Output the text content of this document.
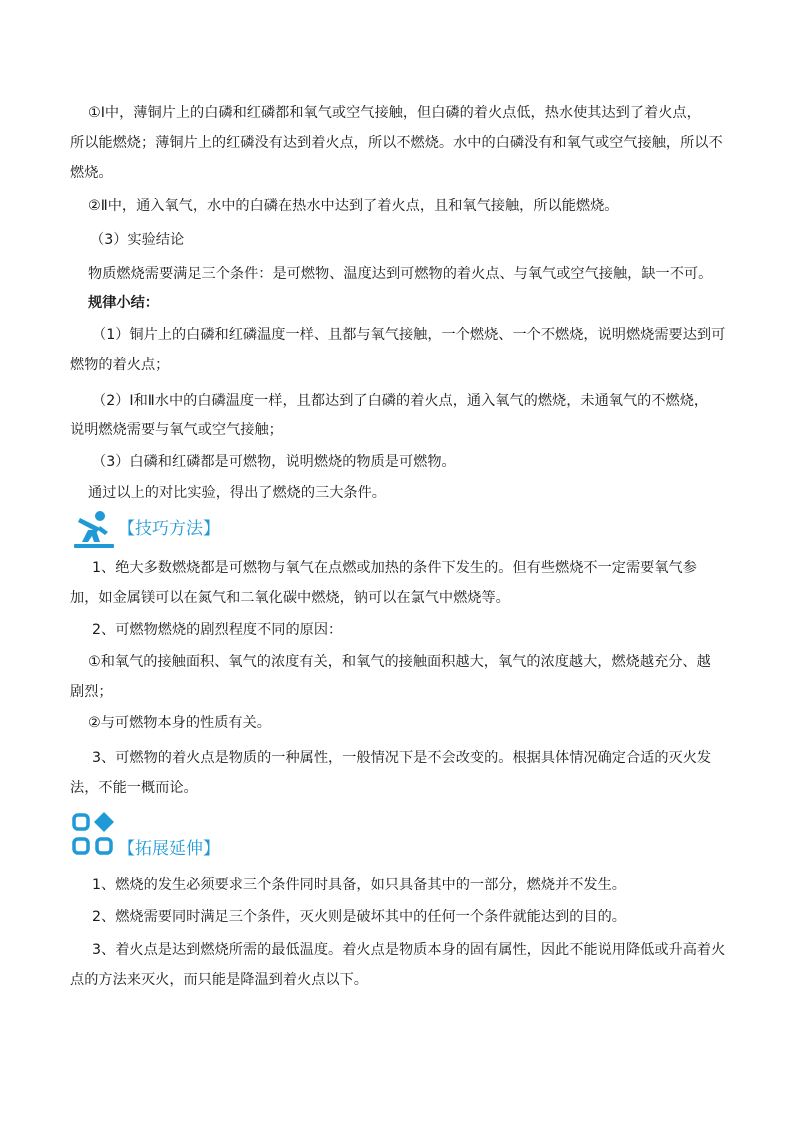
①Ⅰ中，薄铜片上的白磷和红磷都和氧气或空气接触，但白磷的着火点低，热水使其达到了着火点，
所以能燃烧；薄铜片上的红磷没有达到着火点，所以不燃烧。水中的白磷没有和氧气或空气接触，所以不
燃烧。
②Ⅱ中，通入氧气，水中的白磷在热水中达到了着火点，且和氧气接触，所以能燃烧。
（3）实验结论
物质燃烧需要满足三个条件：是可燃物、温度达到可燃物的着火点、与氧气或空气接触，缺一不可。
规律小结：
（1）铜片上的白磷和红磷温度一样、且都与氧气接触，一个燃烧、一个不燃烧，说明燃烧需要达到可
燃物的着火点；
（2）Ⅰ和Ⅱ水中的白磷温度一样，且都达到了白磷的着火点，通入氧气的燃烧，未通氧气的不燃烧，
说明燃烧需要与氧气或空气接触；
（3）白磷和红磷都是可燃物，说明燃烧的物质是可燃物。
通过以上的对比实验，得出了燃烧的三大条件。
【技巧方法】
1、绝大多数燃烧都是可燃物与氧气在点燃或加热的条件下发生的。但有些燃烧不一定需要氧气参
加，如金属镁可以在氮气和二氧化碳中燃烧，钠可以在氯气中燃烧等。
2、可燃物燃烧的剧烈程度不同的原因：
①和氧气的接触面积、氧气的浓度有关，和氧气的接触面积越大，氧气的浓度越大，燃烧越充分、越
剧烈；
②与可燃物本身的性质有关。
3、可燃物的着火点是物质的一种属性，一般情况下是不会改变的。根据具体情况确定合适的灭火发
法，不能一概而论。
【拓展延伸】
1、燃烧的发生必须要求三个条件同时具备，如只具备其中的一部分，燃烧并不发生。
2、燃烧需要同时满足三个条件，灭火则是破坏其中的任何一个条件就能达到的目的。
3、着火点是达到燃烧所需的最低温度。着火点是物质本身的固有属性，因此不能说用降低或升高着火
点的方法来灭火，而只能是降温到着火点以下。
